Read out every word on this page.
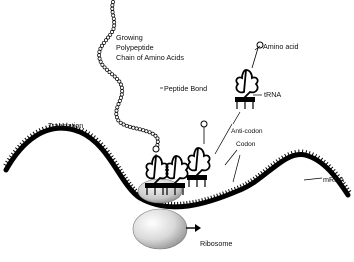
Growing
Polypeptide
Chain of Amino Acids
Amino acid
tRNA
Peptide Bond
Translation
Anti-codon
Codon
mRNA
Ribosome
